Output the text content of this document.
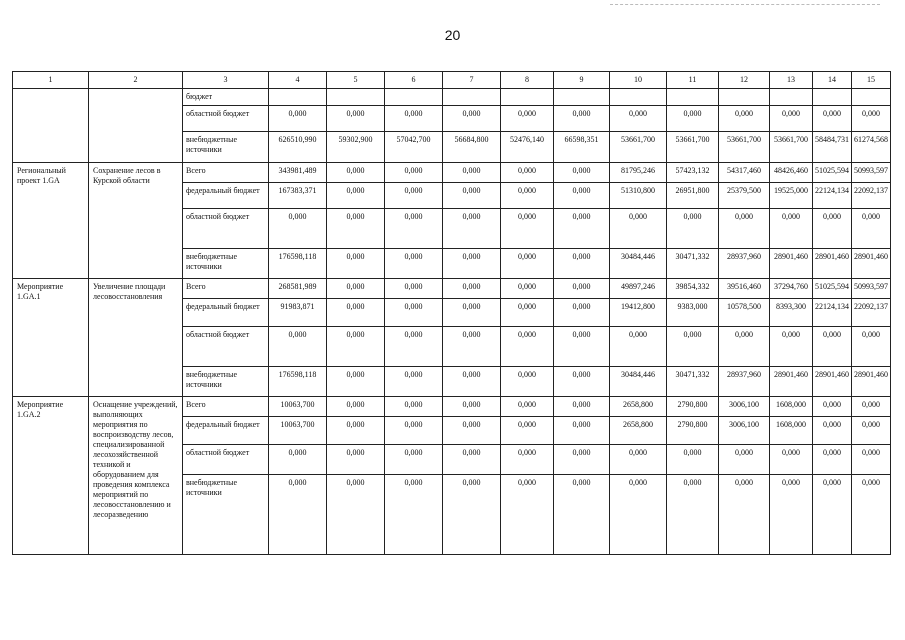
20
1	2	3	4	5	6	7	8	9	10	11	12	13	14	15
		бюджет												
		областной бюджет	0,000	0,000	0,000	0,000	0,000	0,000	0,000	0,000	0,000	0,000	0,000	0,000
		внебюджетные источники	626510,990	59302,900	57042,700	56684,800	52476,140	66598,351	53661,700	53661,700	53661,700	53661,700	58484,731	61274,568
Региональный проект 1.GA	Сохранение лесов в Курской области	Всего	343981,489	0,000	0,000	0,000	0,000	0,000	81795,246	57423,132	54317,460	48426,460	51025,594	50993,597
		федеральный бюджет	167383,371	0,000	0,000	0,000	0,000	0,000	51310,800	26951,800	25379,500	19525,000	22124,134	22092,137
		областной бюджет	0,000	0,000	0,000	0,000	0,000	0,000	0,000	0,000	0,000	0,000	0,000	0,000
		внебюджетные источники	176598,118	0,000	0,000	0,000	0,000	0,000	30484,446	30471,332	28937,960	28901,460	28901,460	28901,460
Мероприятие 1.GA.1	Увеличение площади лесовосстановления	Всего	268581,989	0,000	0,000	0,000	0,000	0,000	49897,246	39854,332	39516,460	37294,760	51025,594	50993,597
		федеральный бюджет	91983,871	0,000	0,000	0,000	0,000	0,000	19412,800	9383,000	10578,500	8393,300	22124,134	22092,137
		областной бюджет	0,000	0,000	0,000	0,000	0,000	0,000	0,000	0,000	0,000	0,000	0,000	0,000
		внебюджетные источники	176598,118	0,000	0,000	0,000	0,000	0,000	30484,446	30471,332	28937,960	28901,460	28901,460	28901,460
Мероприятие 1.GA.2	Оснащение учреждений, выполняющих мероприятия по воспроизводству лесов, специализированной лесохозяйственной техникой и оборудованием для проведения комплекса мероприятий по лесовосстановлению и лесоразведению	Всего	10063,700	0,000	0,000	0,000	0,000	0,000	2658,800	2790,800	3006,100	1608,000	0,000	0,000
		федеральный бюджет	10063,700	0,000	0,000	0,000	0,000	0,000	2658,800	2790,800	3006,100	1608,000	0,000	0,000
		областной бюджет	0,000	0,000	0,000	0,000	0,000	0,000	0,000	0,000	0,000	0,000	0,000	0,000
		внебюджетные источники	0,000	0,000	0,000	0,000	0,000	0,000	0,000	0,000	0,000	0,000	0,000	0,000
